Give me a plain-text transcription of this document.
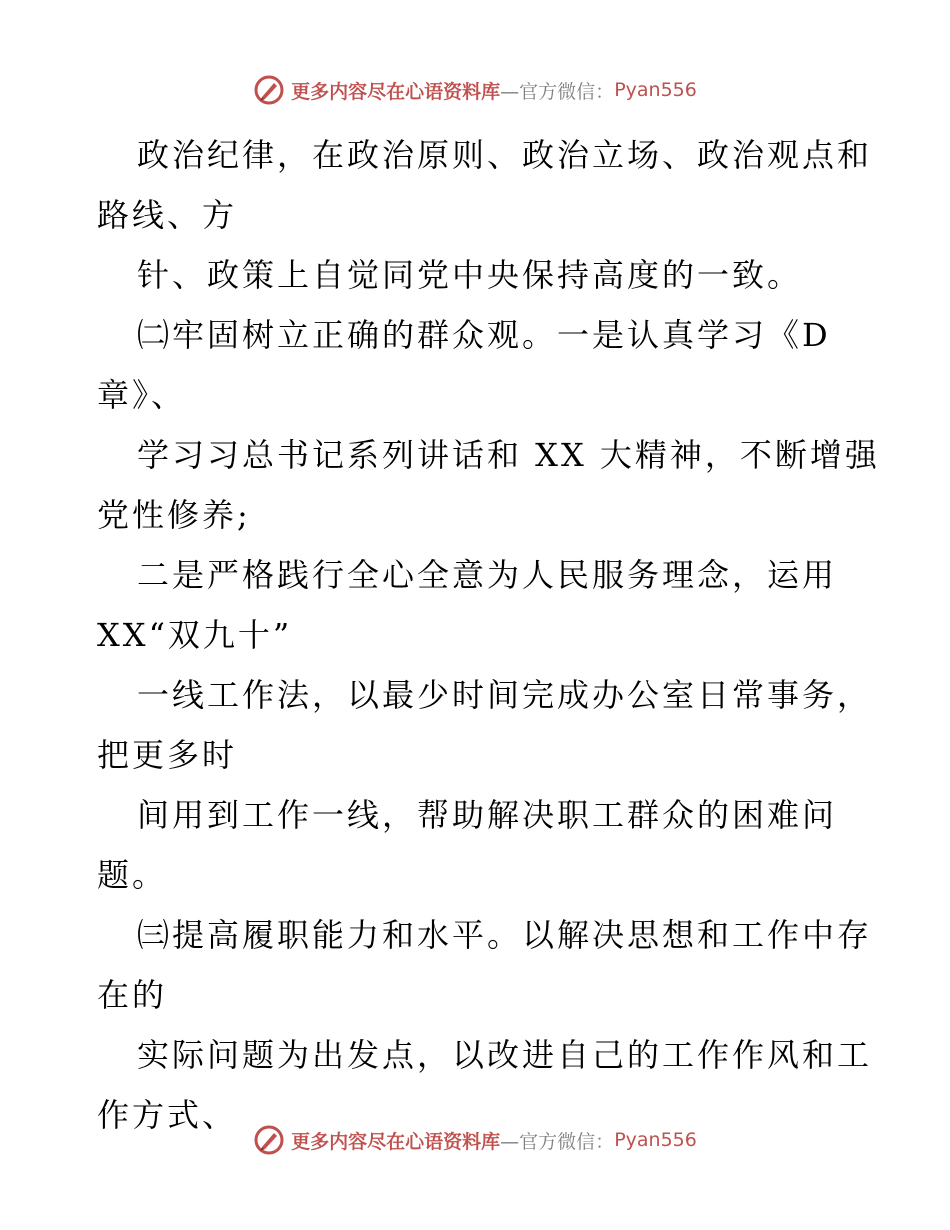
更多内容尽在心语资料库 —官方微信： Pyan556
政治纪律，在政治原则、政治立场、政治观点和
路线、方
针、政策上自觉同党中央保持高度的一致。
㈡牢固树立正确的群众观。一是认真学习《D
章》、
学习习总书记系列讲话和 XX 大精神，不断增强
党性修养;
二是严格践行全心全意为人民服务理念，运用
XX“双九十”
一线工作法，以最少时间完成办公室日常事务，
把更多时
间用到工作一线，帮助解决职工群众的困难问
题。
㈢提高履职能力和水平。以解决思想和工作中存
在的
实际问题为出发点，以改进自己的工作作风和工
作方式、
更多内容尽在心语资料库 —官方微信： Pyan556
